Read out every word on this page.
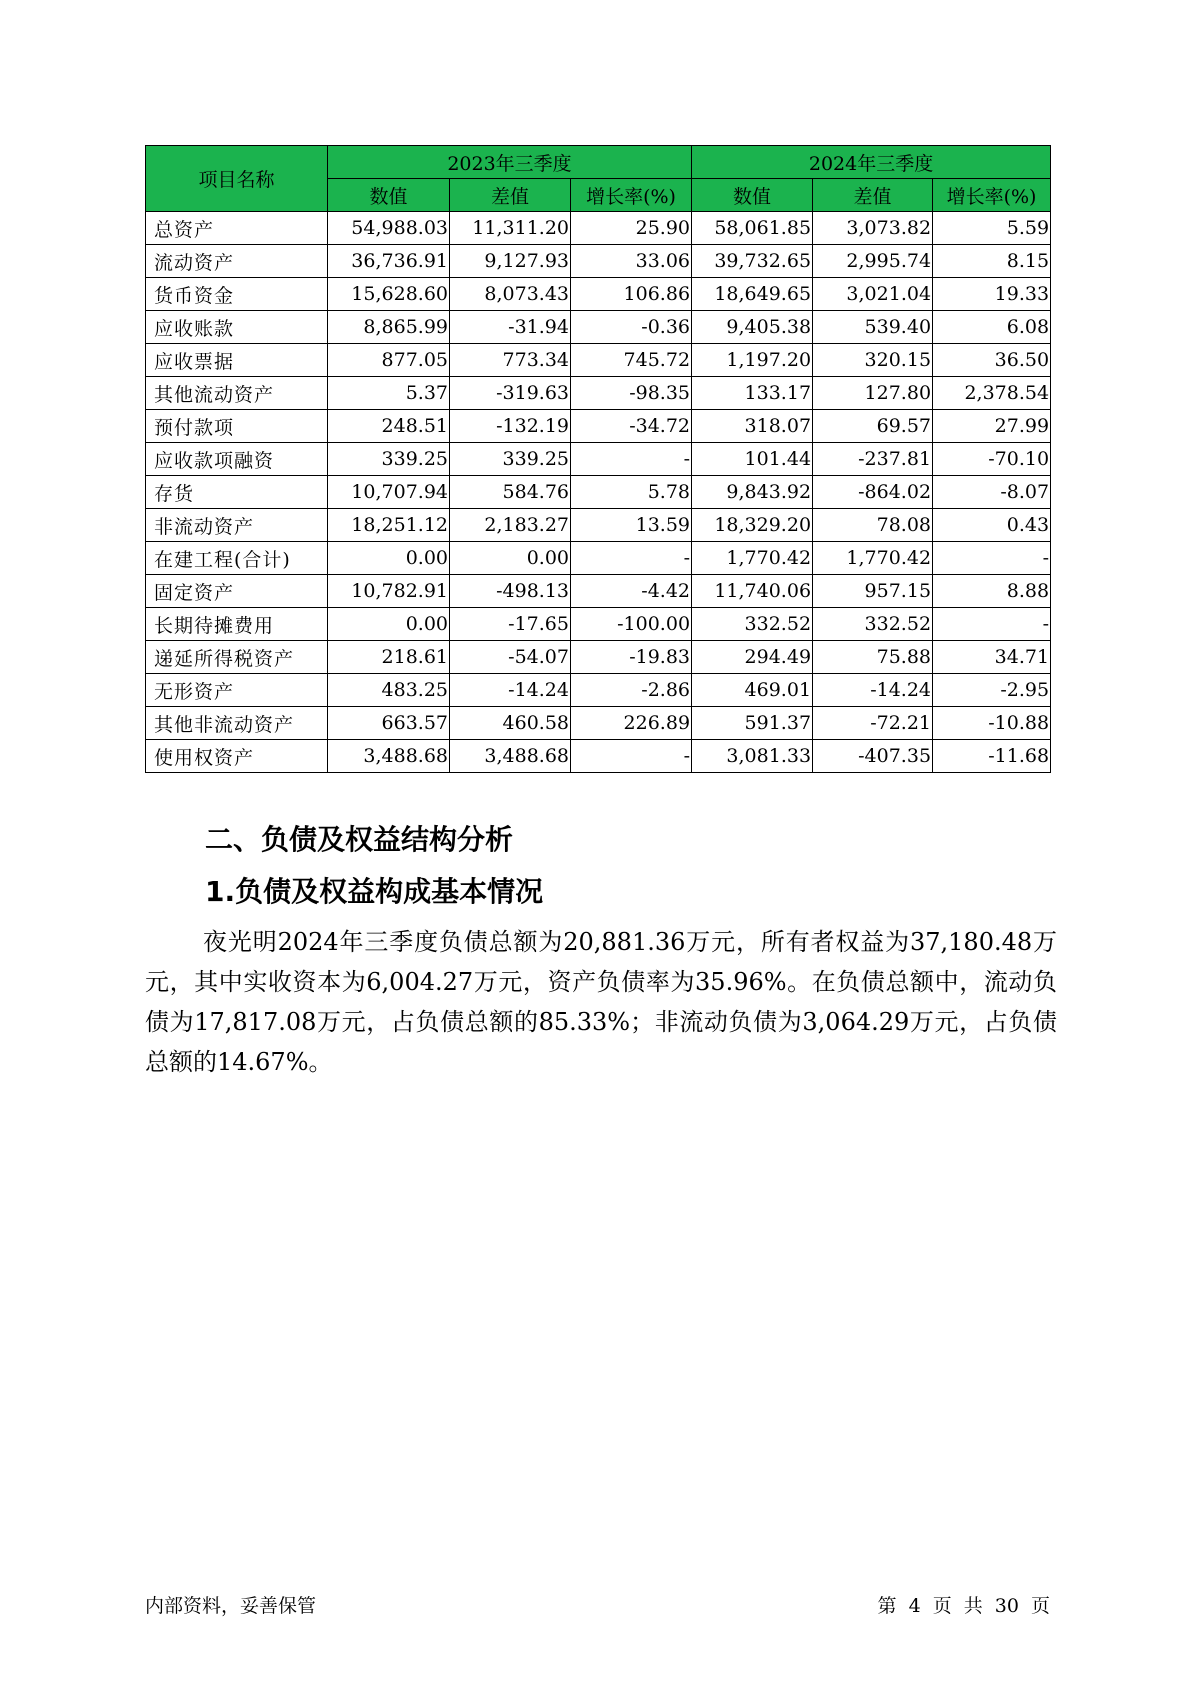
项目名称	2023年三季度			2024年三季度		
	数值	差值	增长率(%)	数值	差值	增长率(%)
总资产	54,988.03	11,311.20	25.90	58,061.85	3,073.82	5.59
流动资产	36,736.91	9,127.93	33.06	39,732.65	2,995.74	8.15
货币资金	15,628.60	8,073.43	106.86	18,649.65	3,021.04	19.33
应收账款	8,865.99	-31.94	-0.36	9,405.38	539.40	6.08
应收票据	877.05	773.34	745.72	1,197.20	320.15	36.50
其他流动资产	5.37	-319.63	-98.35	133.17	127.80	2,378.54
预付款项	248.51	-132.19	-34.72	318.07	69.57	27.99
应收款项融资	339.25	339.25	-	101.44	-237.81	-70.10
存货	10,707.94	584.76	5.78	9,843.92	-864.02	-8.07
非流动资产	18,251.12	2,183.27	13.59	18,329.20	78.08	0.43
在建工程(合计)	0.00	0.00	-	1,770.42	1,770.42	-
固定资产	10,782.91	-498.13	-4.42	11,740.06	957.15	8.88
长期待摊费用	0.00	-17.65	-100.00	332.52	332.52	-
递延所得税资产	218.61	-54.07	-19.83	294.49	75.88	34.71
无形资产	483.25	-14.24	-2.86	469.01	-14.24	-2.95
其他非流动资产	663.57	460.58	226.89	591.37	-72.21	-10.88
使用权资产	3,488.68	3,488.68	-	3,081.33	-407.35	-11.68
二、负债及权益结构分析
1.负债及权益构成基本情况

夜光明2024年三季度负债总额为20,881.36万元，所有者权益为37,180.48万元，其中实收资本为6,004.27万元，资产负债率为35.96%。在负债总额中，流动负债为17,817.08万元，占负债总额的85.33%；非流动负债为3,064.29万元，占负债总额的14.67%。

内部资料，妥善保管	第 4 页 共 30 页
